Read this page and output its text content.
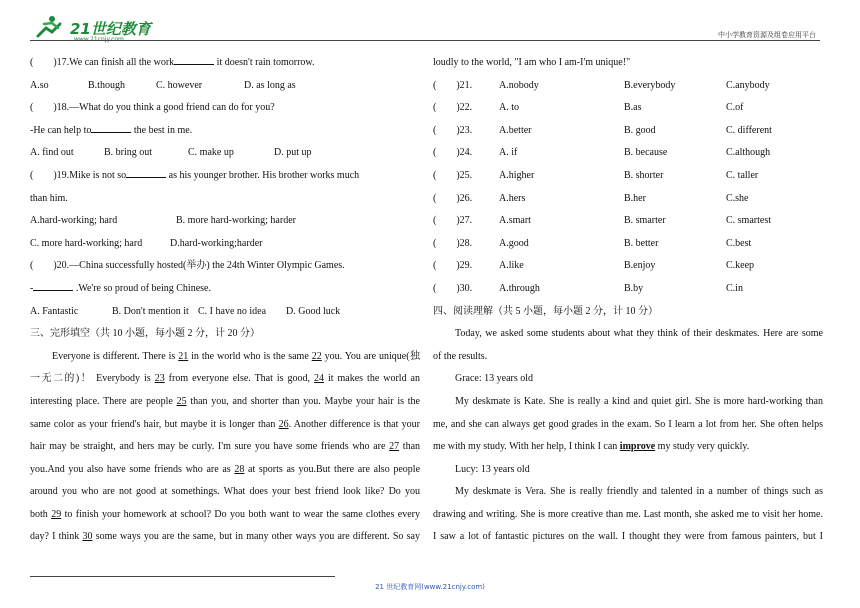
21世纪教育
www.21cnjy.com
中小学教育资源及组卷应用平台
(　　)17.We can finish all the work	it doesn't rain tomorrow.
A.so	B.though	C. however	D. as long as
(　　)18.—What do you think a good friend can do for you?
-He can help to	the best in me.
A. find out	B. bring out	C. make up	D. put up
(　　)19.Mike is not so	as his younger brother. His brother works much
than him.
A.hard-working; hard	B. more hard-working; harder
C. more hard-working; hard	D.hard-working;harder
(　　)20.—China successfully hosted(举办) the 24th Winter Olympic Games.
-	.We're so proud of being Chinese.
A. Fantastic	B. Don't mention it C. I have no idea D. Good luck
三、完形填空（共 10 小题，每小题 2 分，计 20 分）
Everyone is different. There is 21 in the world who is the same 22 you. You are unique(独
一无二的)！ Everybody is 23 from everyone else. That is good, 24 it makes the world an
interesting place. There are people 25 than you, and shorter than you. Maybe your hair is the
same color as your friend's hair, but maybe it is longer than 26. Another difference is that your
hair may be straight, and hers may be curly. I'm sure you have some friends who are 27 than
you.And you also have some friends who are as 28 at sports as you.But there are also people
around you who are not good at somethings. What does your best friend look like? Do you
both 29 to finish your homework at school? Do you both want to wear the same clothes every
day? I think 30 some ways you are the same, but in many other ways you are different. So say
loudly to the world, "I am who I am-I'm unique!"
(　　)21.	A.nobody	B.everybody	C.anybody
(　　)22.	A. to	B.as	C.of
(　　)23.	A.better	B. good	C. different
(　　)24.	A. if	B. because	C.although
(　　)25.	A.higher	B. shorter	C. taller
(　　)26.	A.hers	B.her	C.she
(　　)27.	A.smart	B. smarter	C. smartest
(　　)28.	A.good	B. better	C.best
(　　)29.	A.like	B.enjoy	C.keep
(　　)30.	A.through	B.by	C.in
四、阅读理解（共 5 小题，每小题 2 分，计 10 分）
Today, we asked some students about what they think of their deskmates. Here are some
of the results.
Grace: 13 years old
My deskmate is Kate. She is really a kind and quiet girl. She is more hard-working than
me, and she can always get good grades in the exam. So I learn a lot from her. She often helps
me with my study. With her help, I think I can improve my study very quickly.
Lucy: 13 years old
My deskmate is Vera. She is really friendly and talented in a number of things such as
drawing and writing. She is more creative than me. Last month, she asked me to visit her home.
I saw a lot of fantastic pictures on the wall. I thought they were from famous painters, but I
21 世纪教育网(www.21cnjy.com)
